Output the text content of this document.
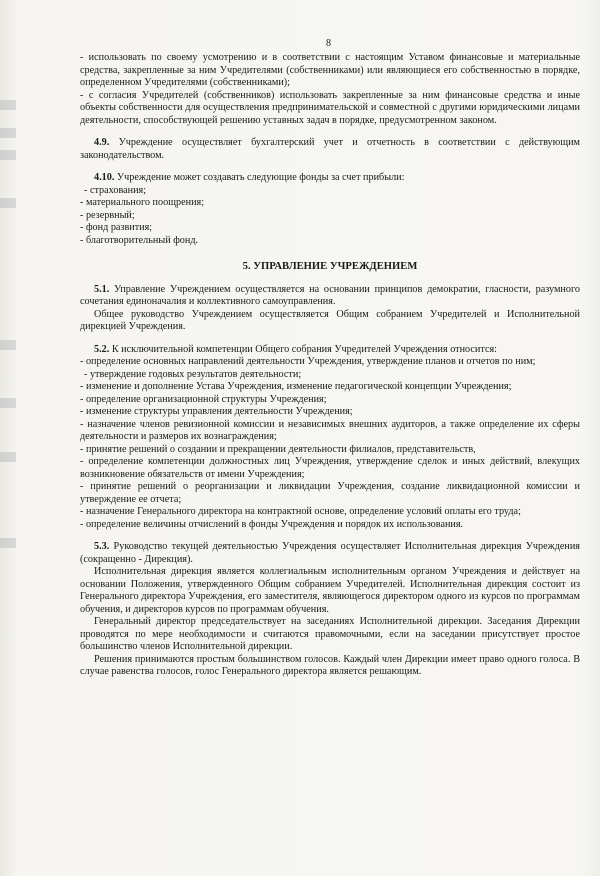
8

- использовать по своему усмотрению и в соответствии с настоящим Уставом финансовые и материальные средства, закрепленные за ним Учредителями (собственниками) или являющиеся его собственностью в порядке, определенном Учредителями (собственниками);

- с согласия Учредителей (собственников) использовать закрепленные за ним финансовые средства и иные объекты собственности для осуществления предпринимательской и совместной с другими юридическими лицами деятельности, способствующей решению уставных задач в порядке, предусмотренном законом.

4.9. Учреждение осуществляет бухгалтерский учет и отчетность в соответствии с действующим законодательством.

4.10. Учреждение может создавать следующие фонды за счет прибыли:

- страхования;

- материального поощрения;

- резервный;

- фонд развития;

- благотворительный фонд.

5. УПРАВЛЕНИЕ УЧРЕЖДЕНИЕМ

5.1. Управление Учреждением осуществляется на основании принципов демократии, гласности, разумного сочетания единоначалия и коллективного самоуправления.

Общее руководство Учреждением осуществляется Общим собранием Учредителей и Исполнительной дирекцией Учреждения.

5.2. К исключительной компетенции Общего собрания Учредителей Учреждения относится:

- определение основных направлений деятельности Учреждения, утверждение планов и отчетов по ним;

- утверждение годовых результатов деятельности;

- изменение и дополнение Устава Учреждения, изменение педагогической концепции Учреждения;

- определение организационной структуры Учреждения;

- изменение структуры управления деятельности Учреждения;

- назначение членов ревизионной комиссии и независимых внешних аудиторов, а также определение их сферы деятельности и размеров их вознаграждения;

- принятие решений о создании и прекращении деятельности филиалов, представительств,

- определение компетенции должностных лиц Учреждения, утверждение сделок и иных действий, влекущих возникновение обязательств от имени Учреждения;

- принятие решений о реорганизации и ликвидации Учреждения, создание ликвидационной комиссии и утверждение ее отчета;

- назначение Генерального директора на контрактной основе, определение условий оплаты его труда;

- определение величины отчислений в фонды Учреждения и порядок их использования.

5.3. Руководство текущей деятельностью Учреждения осуществляет Исполнительная дирекция Учреждения (сокращенно - Дирекция).

Исполнительная дирекция является коллегиальным исполнительным органом Учреждения и действует на основании Положения, утвержденного Общим собранием Учредителей. Исполнительная дирекция состоит из Генерального директора Учреждения, его заместителя, являющегося директором одного из курсов по программам обучения, и директоров курсов по программам обучения.

Генеральный директор председательствует на заседаниях Исполнительной дирекции. Заседания Дирекции проводятся по мере необходимости и считаются правомочными, если на заседании присутствует простое большинство членов Исполнительной дирекции.

Решения принимаются простым большинством голосов. Каждый член Дирекции имеет право одного голоса. В случае равенства голосов, голос Генерального директора является решающим.
